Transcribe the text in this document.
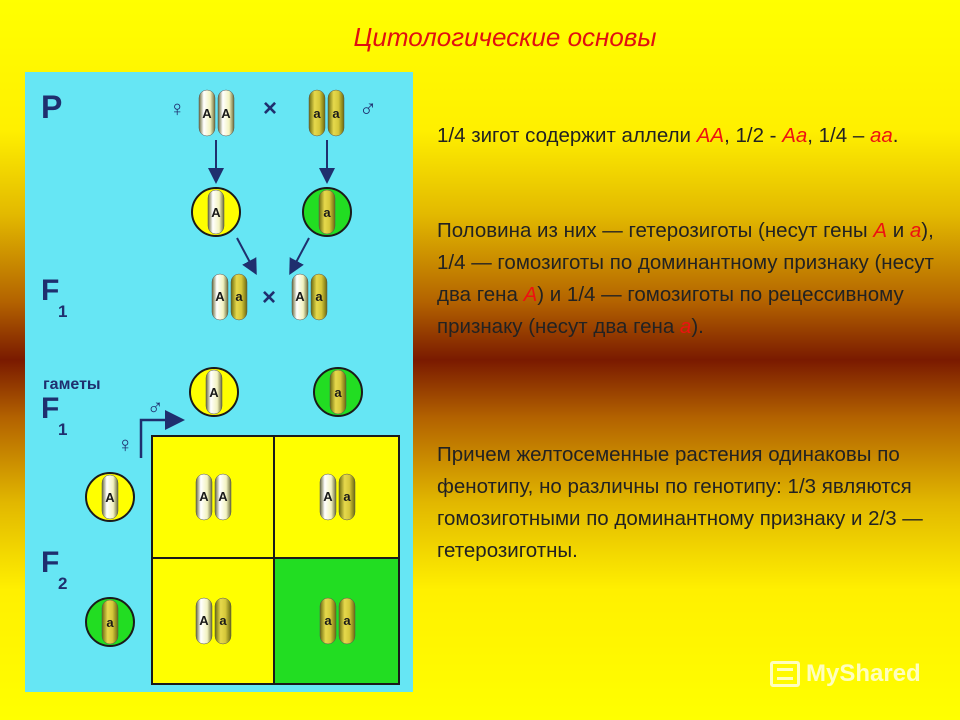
Цитологические основы
P
F
1
гаметы
F
1
F
2
♀	×	♂
A A	a a
A	a
A a × A a
A	a
♂
♀
A
a
A A	A a
A a	a a
1/4 зигот содержит аллели АА, 1/2 - Аа, 1/4 – аа.
Половина из них — гетерозиготы (несут гены А и а), 1/4 — гомозиготы по доминантному признаку (несут два гена А) и 1/4 — гомозиготы по рецессивному признаку (несут два гена а).
Причем желтосеменные растения одинаковы по фенотипу, но различны по генотипу: 1/3 являются гомозиготными по доминантному признаку и 2/3 — гетерозиготны.
MyShared
